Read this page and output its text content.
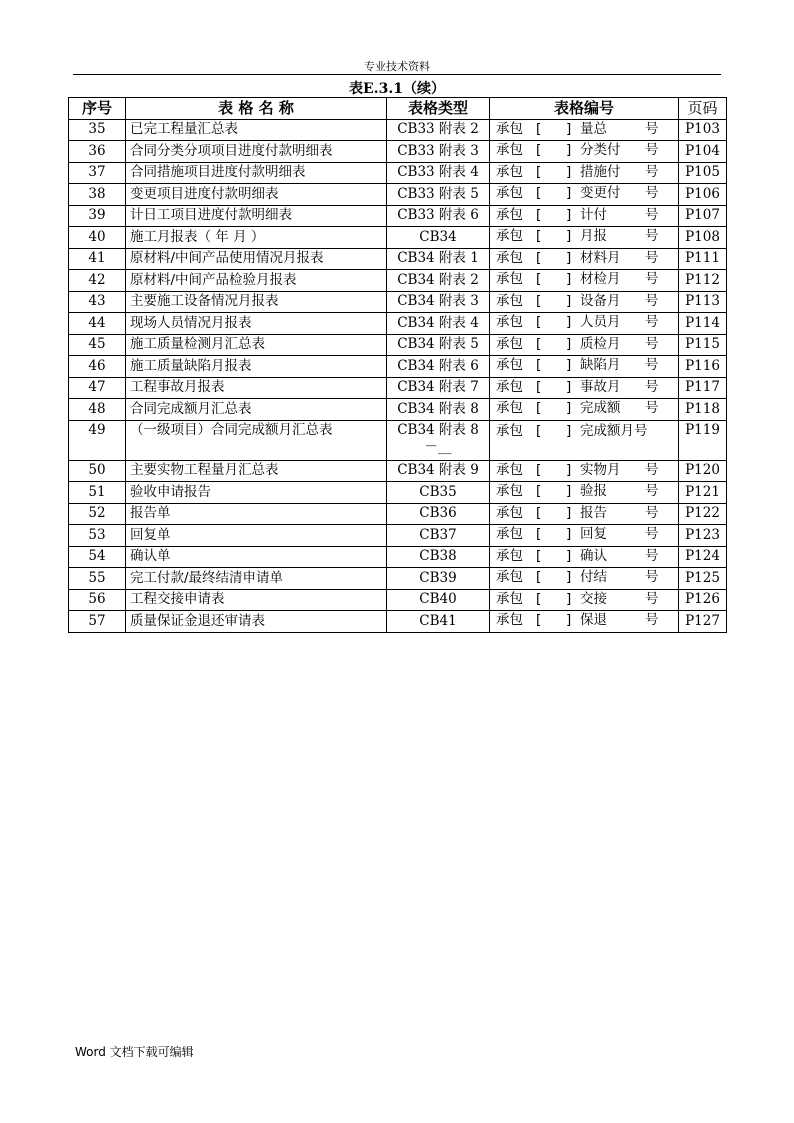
专业技术资料
表E.3.1（续）
序号	表 格 名 称	表格类型	表格编号	页码
35	已完工程量汇总表	CB33 附表 2	承包 [ ] 量总 号	P103
36	合同分类分项项目进度付款明细表	CB33 附表 3	承包 [ ] 分类付 号	P104
37	合同措施项目进度付款明细表	CB33 附表 4	承包 [ ] 措施付 号	P105
38	变更项目进度付款明细表	CB33 附表 5	承包 [ ] 变更付 号	P106
39	计日工项目进度付款明细表	CB33 附表 6	承包 [ ] 计付 号	P107
40	施工月报表（ 年 月 ）	CB34	承包 [ ] 月报 号	P108
41	原材料/中间产品使用情况月报表	CB34 附表 1	承包 [ ] 材料月 号	P111
42	原材料/中间产品检验月报表	CB34 附表 2	承包 [ ] 材检月 号	P112
43	主要施工设备情况月报表	CB34 附表 3	承包 [ ] 设备月 号	P113
44	现场人员情况月报表	CB34 附表 4	承包 [ ] 人员月 号	P114
45	施工质量检测月汇总表	CB34 附表 5	承包 [ ] 质检月 号	P115
46	施工质量缺陷月报表	CB34 附表 6	承包 [ ] 缺陷月 号	P116
47	工程事故月报表	CB34 附表 7	承包 [ ] 事故月 号	P117
48	合同完成额月汇总表	CB34 附表 8	承包 [ ] 完成额 号	P118
49	（一级项目）合同完成额月汇总表	CB34 附表 8 －__	承包 [ ] 完成额月号	P119
50	主要实物工程量月汇总表	CB34 附表 9	承包 [ ] 实物月 号	P120
51	验收申请报告	CB35	承包 [ ] 验报 号	P121
52	报告单	CB36	承包 [ ] 报告 号	P122
53	回复单	CB37	承包 [ ] 回复 号	P123
54	确认单	CB38	承包 [ ] 确认 号	P124
55	完工付款/最终结清申请单	CB39	承包 [ ] 付结 号	P125
56	工程交接申请表	CB40	承包 [ ] 交接 号	P126
57	质量保证金退还审请表	CB41	承包 [ ] 保退 号	P127
Word 文档下载可编辑
